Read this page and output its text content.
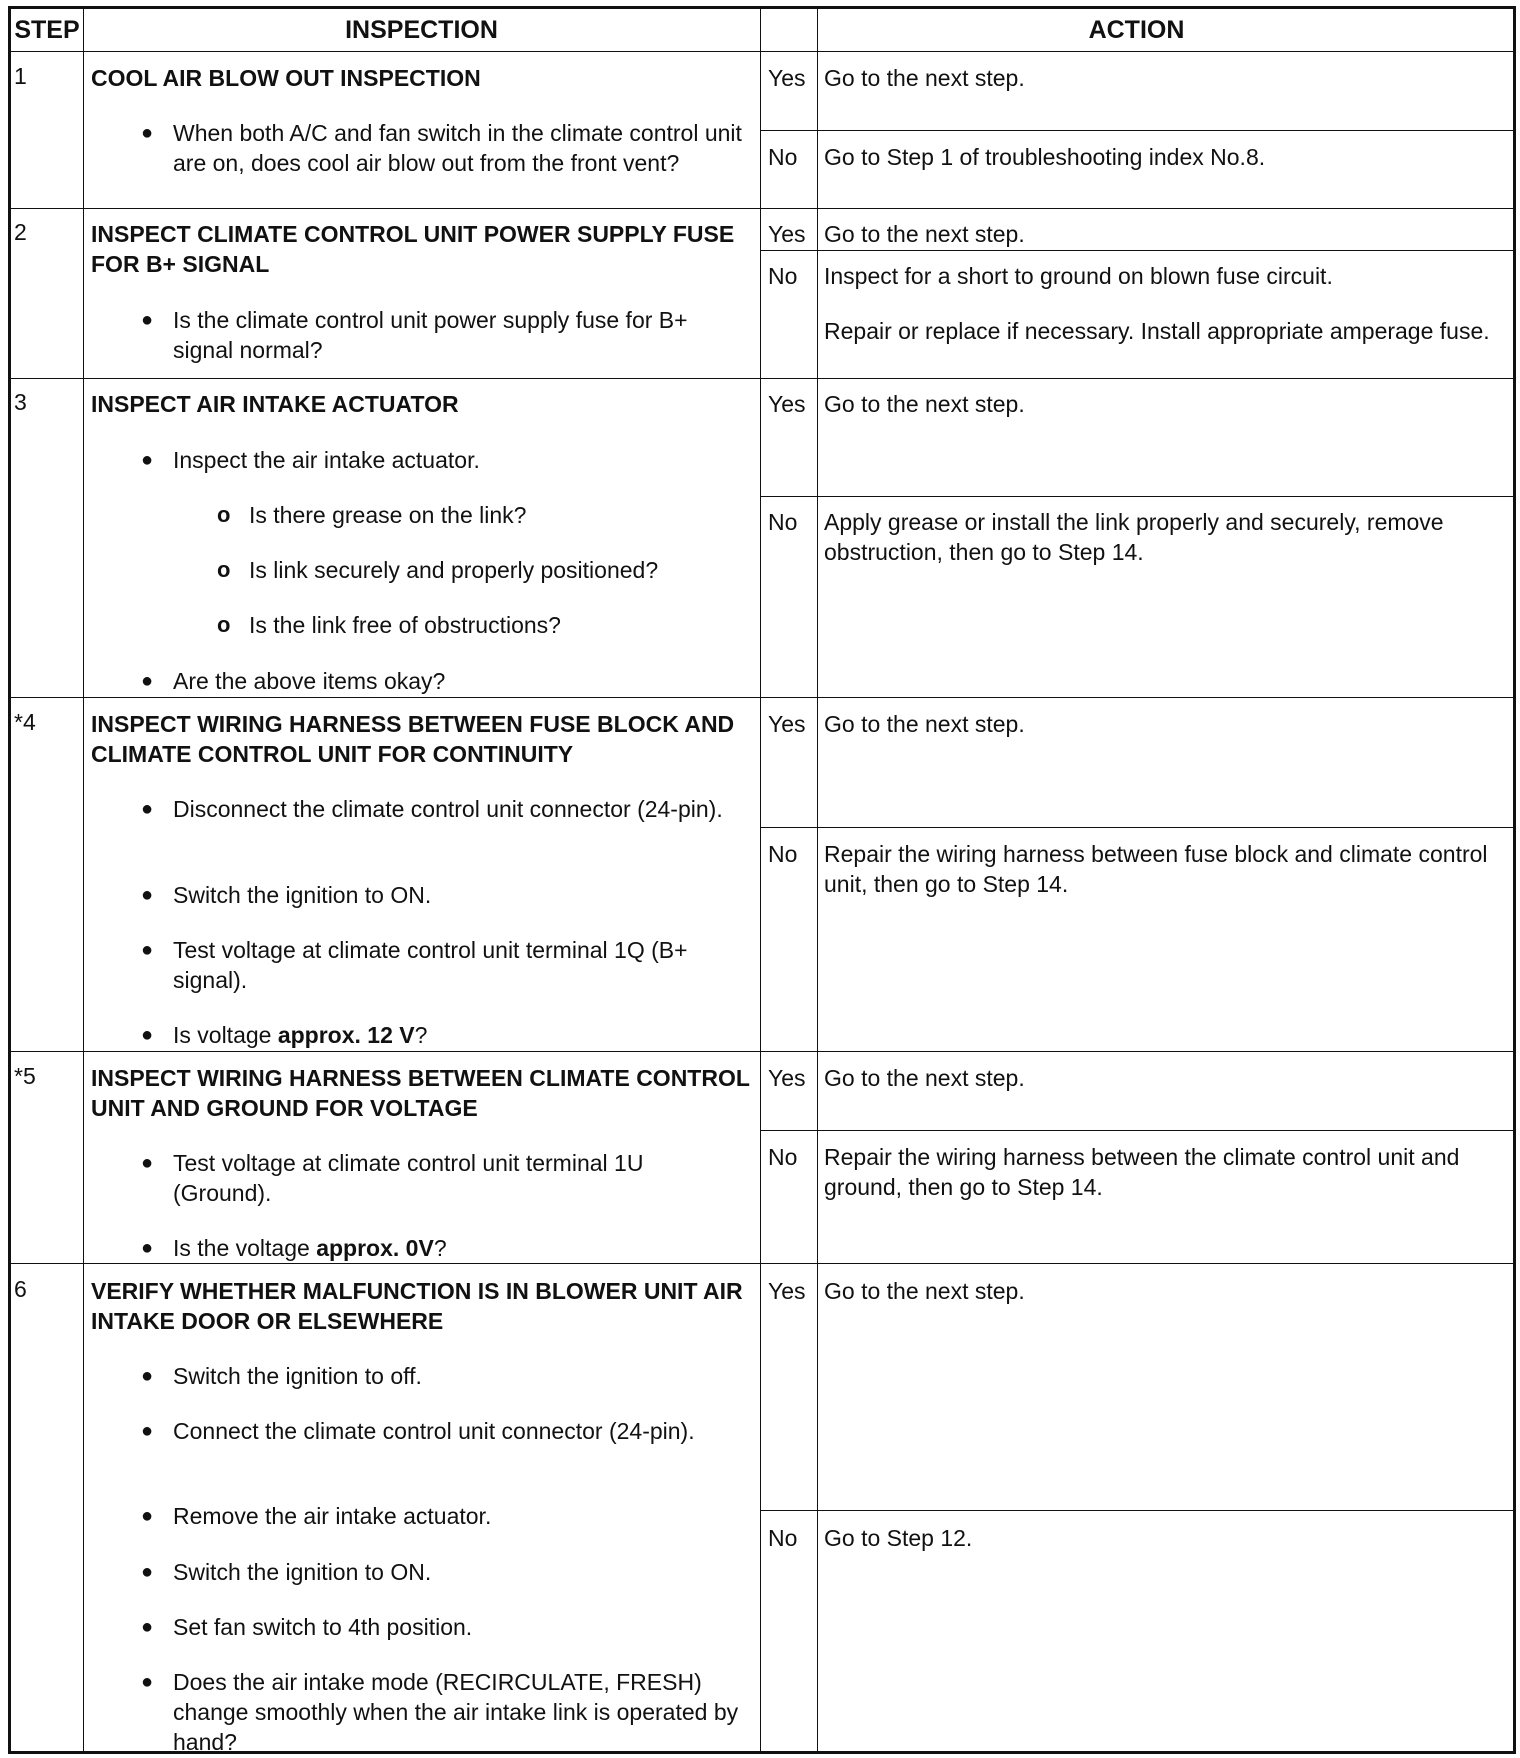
STEP	INSPECTION	ACTION
1	COOL AIR BLOW OUT INSPECTION
● When both A/C and fan switch in the climate control unit are on, does cool air blow out from the front vent?
Yes Go to the next step.
No Go to Step 1 of troubleshooting index No.8.
2	INSPECT CLIMATE CONTROL UNIT POWER SUPPLY FUSE FOR B+ SIGNAL
● Is the climate control unit power supply fuse for B+ signal normal?
Yes Go to the next step.
No Inspect for a short to ground on blown fuse circuit.
Repair or replace if necessary. Install appropriate amperage fuse.
3	INSPECT AIR INTAKE ACTUATOR
● Inspect the air intake actuator.
o Is there grease on the link?
o Is link securely and properly positioned?
o Is the link free of obstructions?
● Are the above items okay?
Yes Go to the next step.
No Apply grease or install the link properly and securely, remove obstruction, then go to Step 14.
*4 INSPECT WIRING HARNESS BETWEEN FUSE BLOCK AND CLIMATE CONTROL UNIT FOR CONTINUITY
● Disconnect the climate control unit connector (24-pin).
● Switch the ignition to ON.
● Test voltage at climate control unit terminal 1Q (B+ signal).
● Is voltage approx. 12 V?
Yes Go to the next step.
No Repair the wiring harness between fuse block and climate control unit, then go to Step 14.
*5 INSPECT WIRING HARNESS BETWEEN CLIMATE CONTROL UNIT AND GROUND FOR VOLTAGE
● Test voltage at climate control unit terminal 1U (Ground).
● Is the voltage approx. 0V?
Yes Go to the next step.
No Repair the wiring harness between the climate control unit and ground, then go to Step 14.
6	VERIFY WHETHER MALFUNCTION IS IN BLOWER UNIT AIR INTAKE DOOR OR ELSEWHERE
● Switch the ignition to off.
● Connect the climate control unit connector (24-pin).
● Remove the air intake actuator.
● Switch the ignition to ON.
● Set fan switch to 4th position.
● Does the air intake mode (RECIRCULATE, FRESH) change smoothly when the air intake link is operated by hand?
Yes Go to the next step.
No Go to Step 12.
